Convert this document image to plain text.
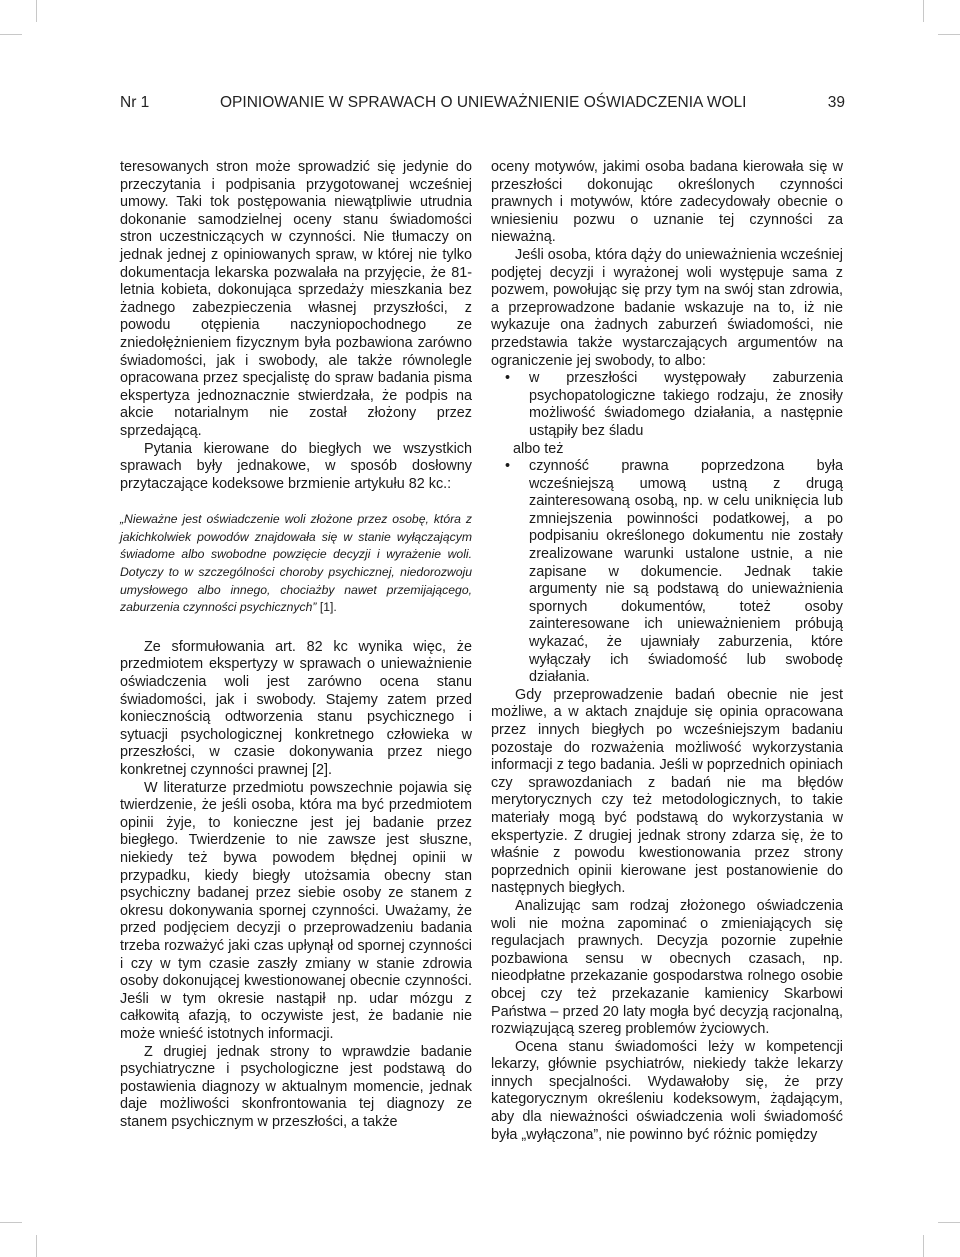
Nr 1	OPINIOWANIE W SPRAWACH O UNIEWAŻNIENIE OŚWIADCZENIA WOLI	39

teresowanych stron może sprowadzić się jedynie do przeczytania i podpisania przygotowanej wcześniej umowy. Taki tok postępowania niewątpliwie utrudnia dokonanie samodzielnej oceny stanu świadomości stron uczestniczących w czynności. Nie tłumaczy on jednak jednej z opiniowanych spraw, w której nie tylko dokumentacja lekarska pozwalała na przyjęcie, że 81-letnia kobieta, dokonująca sprzedaży mieszkania bez żadnego zabezpieczenia własnej przyszłości, z powodu otępienia naczyniopochodnego ze zniedołężnieniem fizycznym była pozbawiona zarówno świadomości, jak i swobody, ale także równolegle opracowana przez specjalistę do spraw badania pisma ekspertyza jednoznacznie stwierdzała, że podpis na akcie notarialnym nie został złożony przez sprzedającą.

Pytania kierowane do biegłych we wszystkich sprawach były jednakowe, w sposób dosłowny przytaczające kodeksowe brzmienie artykułu 82 kc.:

„Nieważne jest oświadczenie woli złożone przez osobę, która z jakichkolwiek powodów znajdowała się w stanie wyłączającym świadome albo swobodne powzięcie decyzji i wyrażenie woli. Dotyczy to w szczególności choroby psychicznej, niedorozwoju umysłowego albo innego, chociażby nawet przemijającego, zaburzenia czynności psychicznych” [1].

Ze sformułowania art. 82 kc wynika więc, że przedmiotem ekspertyzy w sprawach o unieważnienie oświadczenia woli jest zarówno ocena stanu świadomości, jak i swobody. Stajemy zatem przed koniecznością odtworzenia stanu psychicznego i sytuacji psychologicznej konkretnego człowieka w przeszłości, w czasie dokonywania przez niego konkretnej czynności prawnej [2].

W literaturze przedmiotu powszechnie pojawia się twierdzenie, że jeśli osoba, która ma być przedmiotem opinii żyje, to konieczne jest jej badanie przez biegłego. Twierdzenie to nie zawsze jest słuszne, niekiedy też bywa powodem błędnej opinii w przypadku, kiedy biegły utożsamia obecny stan psychiczny badanej przez siebie osoby ze stanem z okresu dokonywania spornej czynności. Uważamy, że przed podjęciem decyzji o przeprowadzeniu badania trzeba rozważyć jaki czas upłynął od spornej czynności i czy w tym czasie zaszły zmiany w stanie zdrowia osoby dokonującej kwestionowanej obecnie czynności. Jeśli w tym okresie nastąpił np. udar mózgu z całkowitą afazją, to oczywiste jest, że badanie nie może wnieść istotnych informacji.

Z drugiej jednak strony to wprawdzie badanie psychiatryczne i psychologiczne jest podstawą do postawienia diagnozy w aktualnym momencie, jednak daje możliwości skonfrontowania tej diagnozy ze stanem psychicznym w przeszłości, a także

oceny motywów, jakimi osoba badana kierowała się w przeszłości dokonując określonych czynności prawnych i motywów, które zadecydowały obecnie o wniesieniu pozwu o uznanie tej czynności za nieważną.

Jeśli osoba, która dąży do unieważnienia wcześniej podjętej decyzji i wyrażonej woli występuje sama z pozwem, powołując się przy tym na swój stan zdrowia, a przeprowadzone badanie wskazuje na to, iż nie wykazuje ona żadnych zaburzeń świadomości, nie przedstawia także wystarczających argumentów na ograniczenie jej swobody, to albo:

• w przeszłości występowały zaburzenia psychopatologiczne takiego rodzaju, że znosiły możliwość świadomego działania, a następnie ustąpiły bez śladu

albo też

• czynność prawna poprzedzona była wcześniejszą umową ustną z drugą zainteresowaną osobą, np. w celu uniknięcia lub zmniejszenia powinności podatkowej, a po podpisaniu określonego dokumentu nie zostały zrealizowane warunki ustalone ustnie, a nie zapisane w dokumencie. Jednak takie argumenty nie są podstawą do unieważnienia spornych dokumentów, toteż osoby zainteresowane ich unieważnieniem próbują wykazać, że ujawniały zaburzenia, które wyłączały ich świadomość lub swobodę działania.

Gdy przeprowadzenie badań obecnie nie jest możliwe, a w aktach znajduje się opinia opracowana przez innych biegłych po wcześniejszym badaniu pozostaje do rozważenia możliwość wykorzystania informacji z tego badania. Jeśli w poprzednich opiniach czy sprawozdaniach z badań nie ma błędów merytorycznych czy też metodologicznych, to takie materiały mogą być podstawą do wykorzystania w ekspertyzie. Z drugiej jednak strony zdarza się, że to właśnie z powodu kwestionowania przez strony poprzednich opinii kierowane jest postanowienie do następnych biegłych.

Analizując sam rodzaj złożonego oświadczenia woli nie można zapominać o zmieniających się regulacjach prawnych. Decyzja pozornie zupełnie pozbawiona sensu w obecnych czasach, np. nieodpłatne przekazanie gospodarstwa rolnego osobie obcej czy też przekazanie kamienicy Skarbowi Państwa – przed 20 laty mogła być decyzją racjonalną, rozwiązującą szereg problemów życiowych.

Ocena stanu świadomości leży w kompetencji lekarzy, głównie psychiatrów, niekiedy także lekarzy innych specjalności. Wydawałoby się, że przy kategorycznym określeniu kodeksowym, żądającym, aby dla nieważności oświadczenia woli świadomość była „wyłączona”, nie powinno być różnic pomiędzy
